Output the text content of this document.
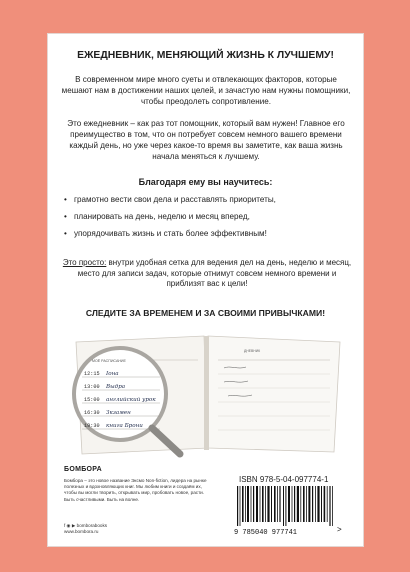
ЕЖЕДНЕВНИК, МЕНЯЮЩИЙ ЖИЗНЬ К ЛУЧШЕМУ!
В современном мире много суеты и отвлекающих факторов, которые мешают нам в достижении наших целей, и зачастую нам нужны помощники, чтобы преодолеть сопротивление.
Это ежедневник – как раз тот помощник, который вам нужен! Главное его преимущество в том, что он потребует совсем немного вашего времени каждый день, но уже через какое-то время вы заметите, как ваша жизнь начала меняться к лучшему.
Благодаря ему вы научитесь:
• грамотно вести свои дела и расставлять приоритеты,
• планировать на день, неделю и месяц вперед,
• упорядочивать жизнь и стать более эффективным!
Это просто: внутри удобная сетка для ведения дел на день, неделю и месяц, место для записи задач, которые отнимут совсем немного времени и приблизят вас к цели!
СЛЕДИТЕ ЗА ВРЕМЕНЕМ И ЗА СВОИМИ ПРИВЫЧКАМИ!
ДНЕВНИК
МОЁ РАСПИСАНИЕ
12:15
13:00
15:00
16:30
19:30
Iона
Выдра
английский урок
Зкзамен
книга Брони
БОМБОРА
Бомбора – это новое название Эксмо Non-fiction, лидера на рынке полезных и вдохновляющих книг. Мы любим книги и создаём их, чтобы вы могли творить, открывать мир, пробовать новое, расти. Быть счастливыми. Быть на волне.
f ◉ ▶ bomborabooks
www.bombora.ru
ISBN 978-5-04-097774-1
9 785040 977741	>
